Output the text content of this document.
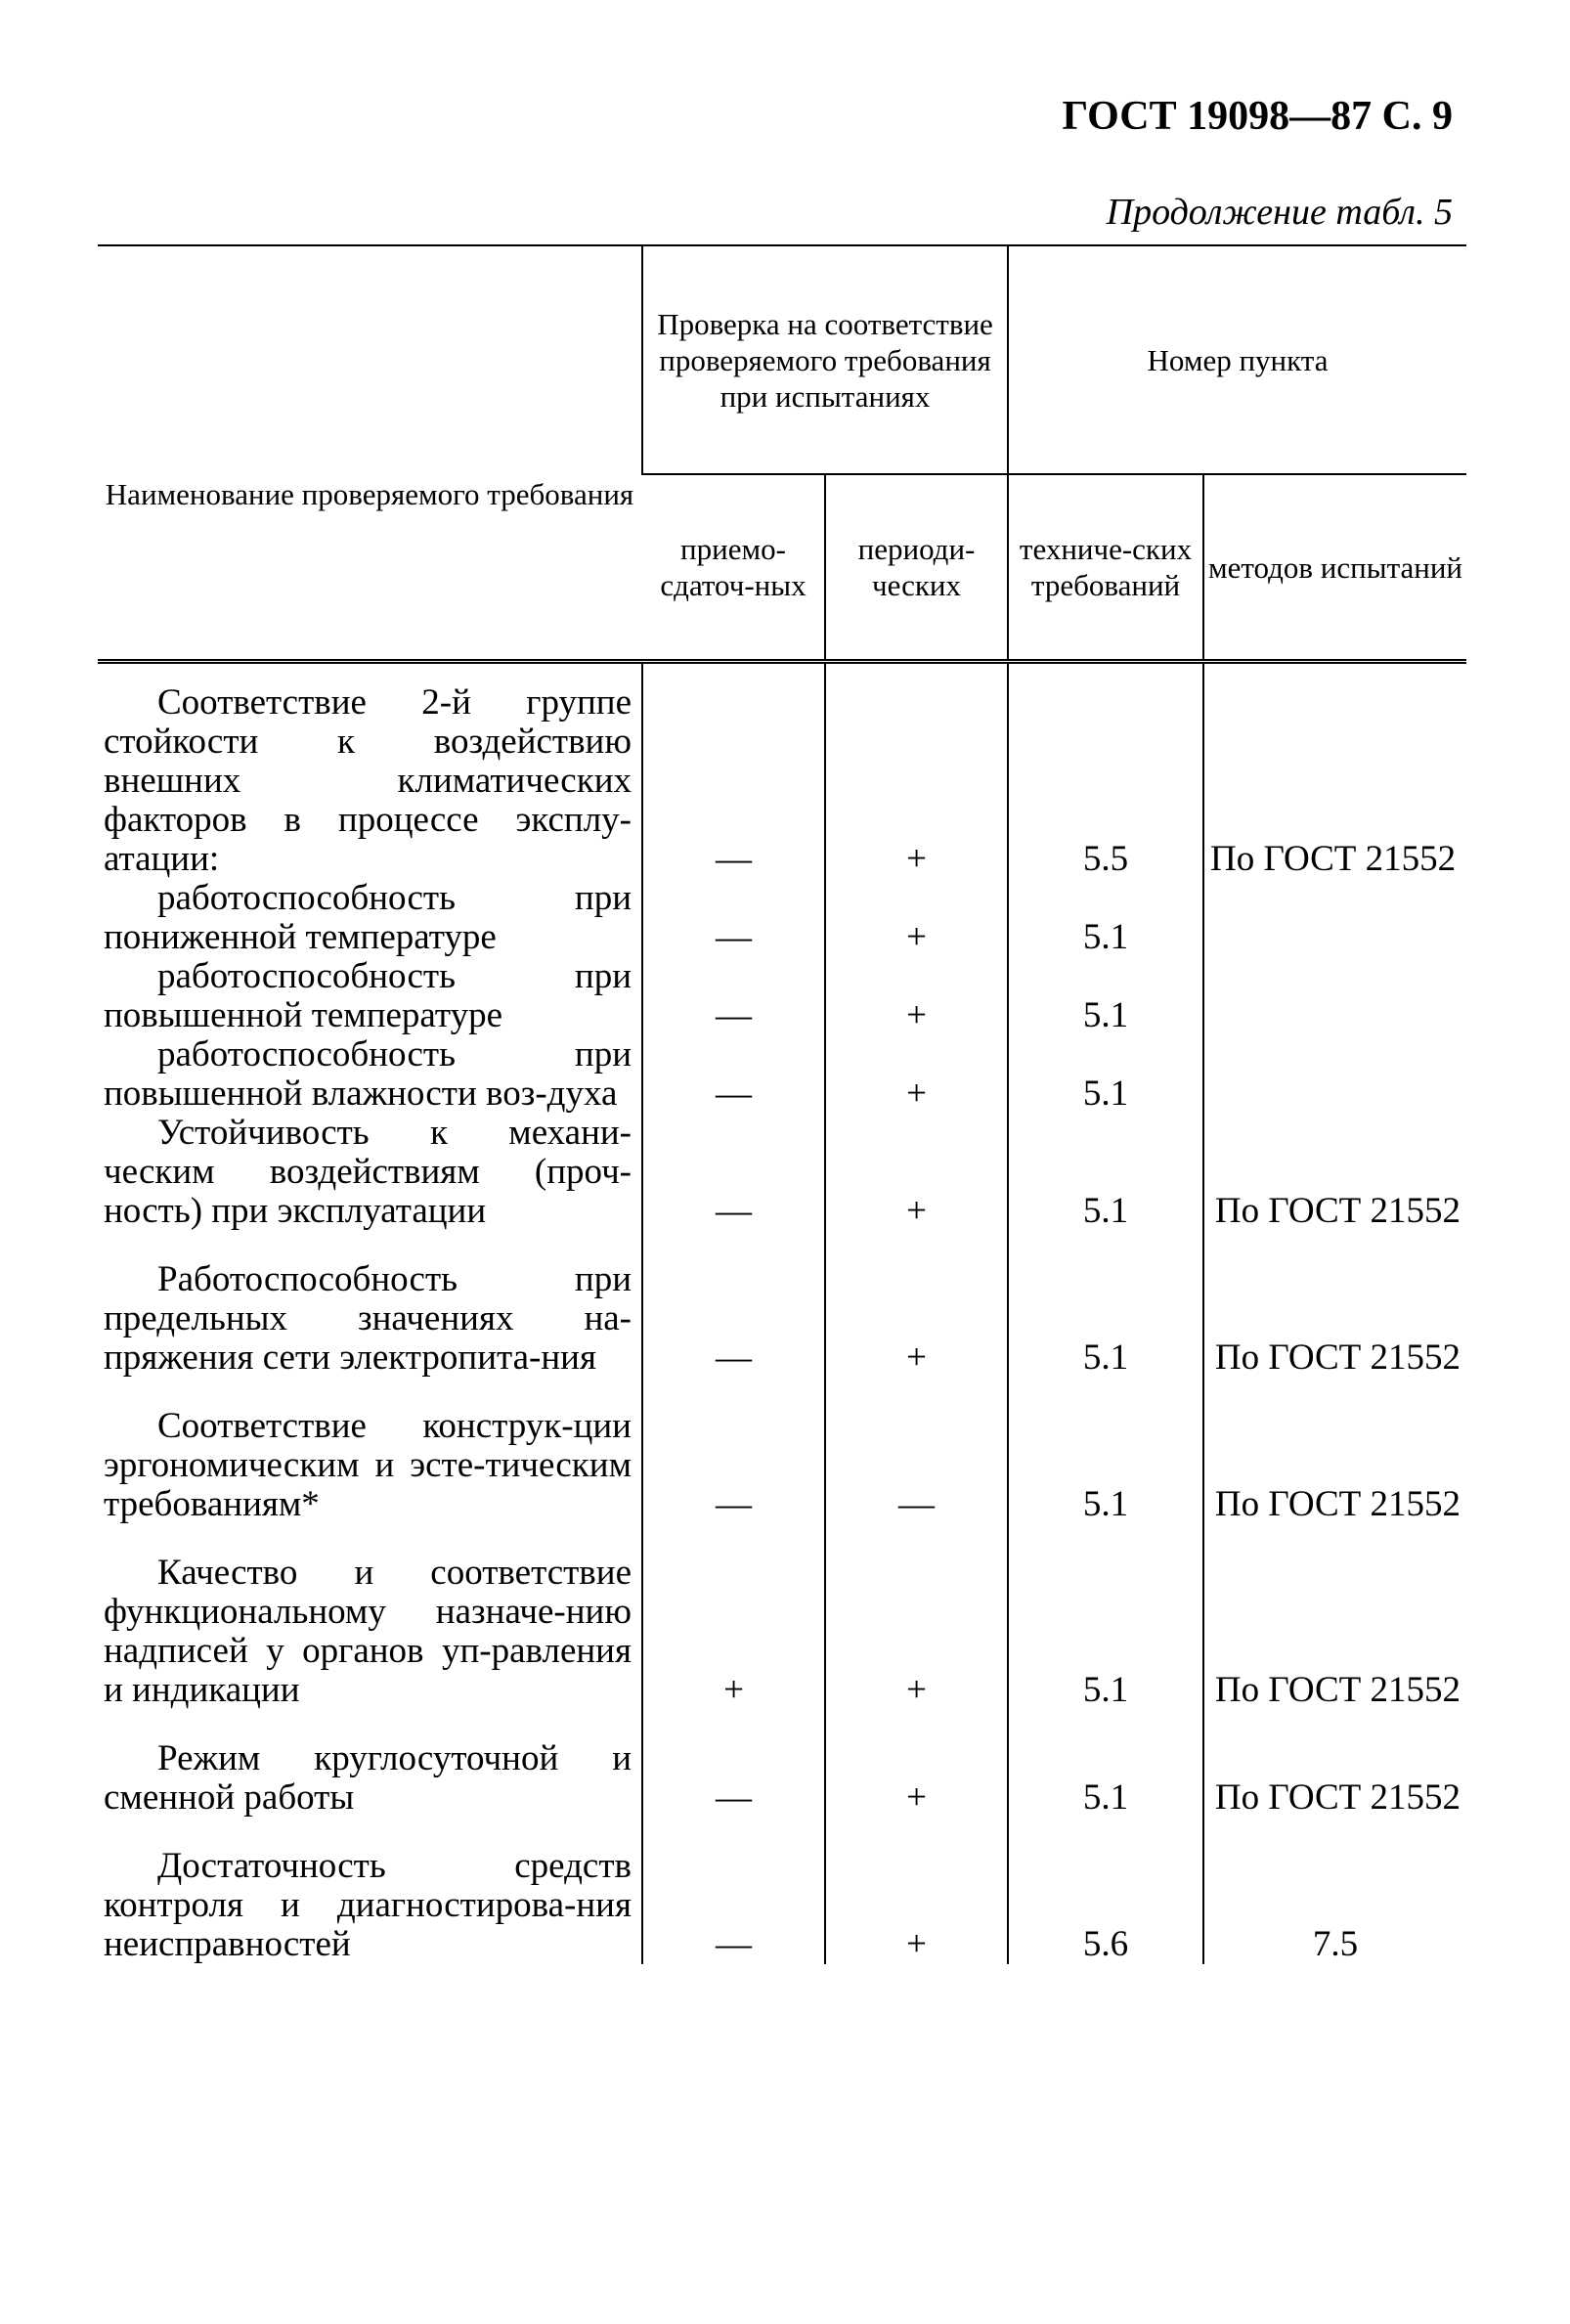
ГОСТ 19098—87 С. 9
Продолжение табл. 5
Наименование проверяемого требования	Проверка на соответствие проверяемого требования при испытаниях		Номер пункта	
	приемо-сдаточ-ных	периоди-ческих	техниче-ских требований	методов испытаний

Соответствие 2-й группе стойкости к воздействию внешних климатических факторов в процессе эксплу-атации:	—	+	5.5	По ГОСТ 21552

работоспособность при пониженной температуре	—	+	5.1	

работоспособность при повышенной температуре	—	+	5.1	

работоспособность при повышенной влажности воз-духа	—	+	5.1	

Устойчивость к механи-ческим воздействиям (проч-ность) при эксплуатации	—	+	5.1	По ГОСТ 21552

Работоспособность при предельных значениях на-пряжения сети электропита-ния	—	+	5.1	По ГОСТ 21552

Соответствие конструк-ции эргономическим и эсте-тическим требованиям*	—	—	5.1	По ГОСТ 21552

Качество и соответствие функциональному назначе-нию надписей у органов уп-равления и индикации	+	+	5.1	По ГОСТ 21552

Режим круглосуточной и сменной работы	—	+	5.1	По ГОСТ 21552

Достаточность средств контроля и диагностирова-ния неисправностей	—	+	5.6	7.5
